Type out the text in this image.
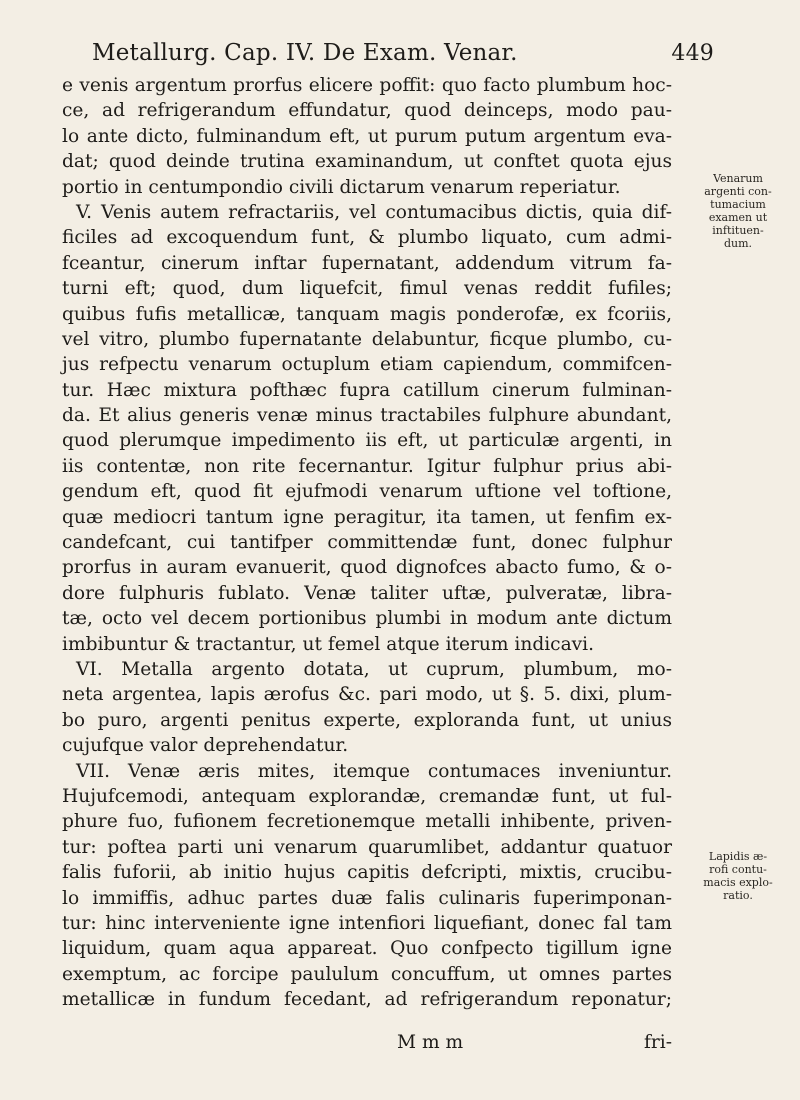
Metallurg. Cap. IV. De Exam. Venar.	449
e venis argentum prorfus elicere poffit: quo facto plumbum hoc-
ce, ad refrigerandum effundatur, quod deinceps, modo pau-
lo ante dicto, fulminandum eft, ut purum putum argentum eva-
dat; quod deinde trutina examinandum, ut conftet quota ejus
portio in centumpondio civili dictarum venarum reperiatur.
V. Venis autem refractariis, vel contumacibus dictis, quia dif-
ficiles ad excoquendum funt, & plumbo liquato, cum admi-
fceantur, cinerum inftar fupernatant, addendum vitrum fa-
turni eft; quod, dum liquefcit, fimul venas reddit fufiles;
quibus fufis metallicæ, tanquam magis ponderofæ, ex fcoriis,
vel vitro, plumbo fupernatante delabuntur, ficque plumbo, cu-
jus refpectu venarum octuplum etiam capiendum, commifcen-
tur. Hæc mixtura pofthæc fupra catillum cinerum fulminan-
da. Et alius generis venæ minus tractabiles fulphure abundant,
quod plerumque impedimento iis eft, ut particulæ argenti, in
iis contentæ, non rite fecernantur. Igitur fulphur prius abi-
gendum eft, quod fit ejufmodi venarum uftione vel toftione,
quæ mediocri tantum igne peragitur, ita tamen, ut fenfim ex-
candefcant, cui tantifper committendæ funt, donec fulphur
prorfus in auram evanuerit, quod dignofces abacto fumo, & o-
dore fulphuris fublato. Venæ taliter uftæ, pulveratæ, libra-
tæ, octo vel decem portionibus plumbi in modum ante dictum
imbibuntur & tractantur, ut femel atque iterum indicavi.
VI. Metalla argento dotata, ut cuprum, plumbum, mo-
neta argentea, lapis ærofus &c. pari modo, ut §. 5. dixi, plum-
bo puro, argenti penitus experte, exploranda funt, ut unius
cujufque valor deprehendatur.
VII. Venæ æris mites, itemque contumaces inveniuntur.
Hujufcemodi, antequam explorandæ, cremandæ funt, ut ful-
phure fuo, fufionem fecretionemque metalli inhibente, priven-
tur: poftea parti uni venarum quarumlibet, addantur quatuor
falis fuforii, ab initio hujus capitis defcripti, mixtis, crucibu-
lo immiffis, adhuc partes duæ falis culinaris fuperimponan-
tur: hinc interveniente igne intenfiori liquefiant, donec fal tam
liquidum, quam aqua appareat. Quo confpecto tigillum igne
exemptum, ac forcipe paululum concuffum, ut omnes partes
metallicæ in fundum fecedant, ad refrigerandum reponatur;
M m m	fri-
Venarum
argenti con-
tumacium
examen ut
inftituen-
dum.
Lapidis æ-
rofi contu-
macis explo-
ratio.
